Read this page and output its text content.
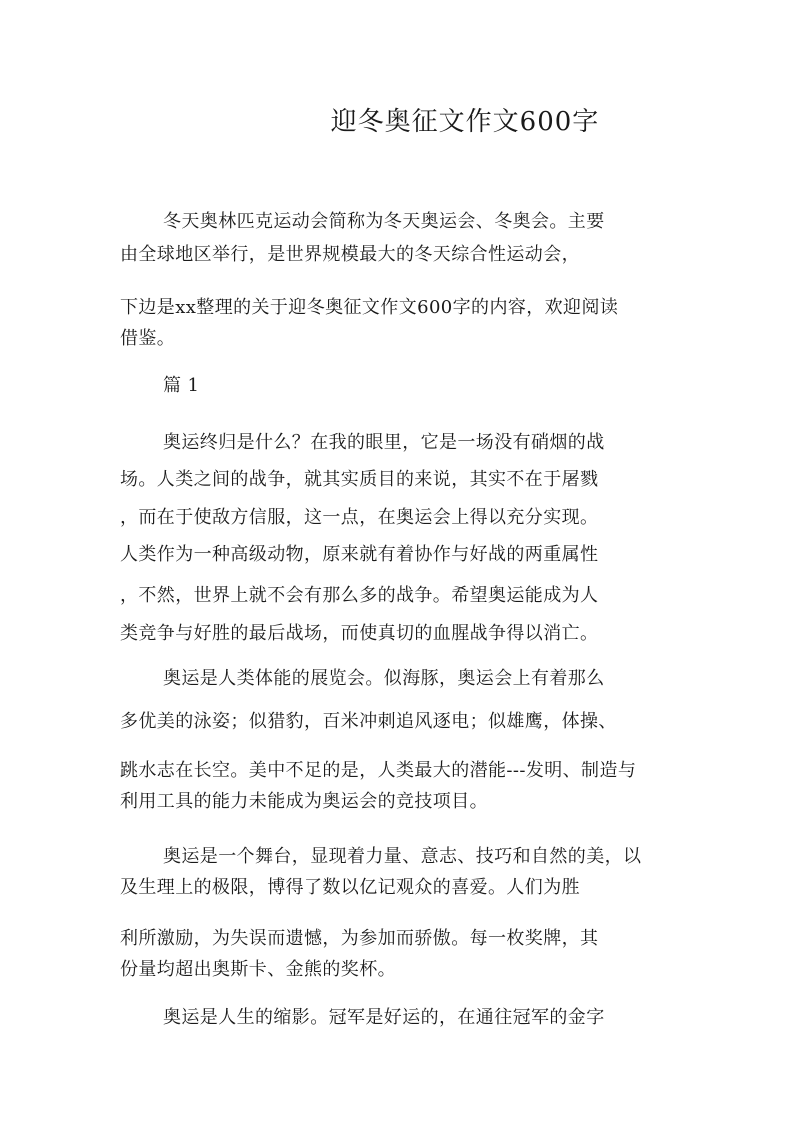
迎冬奥征文作文600字
冬天奥林匹克运动会简称为冬天奥运会、冬奥会。主要
由全球地区举行，是世界规模最大的冬天综合性运动会，
下边是xx整理的关于迎冬奥征文作文600字的内容，欢迎阅读
借鉴。
篇 1
奥运终归是什么？在我的眼里，它是一场没有硝烟的战
场。人类之间的战争，就其实质目的来说，其实不在于屠戮
，而在于使敌方信服，这一点，在奥运会上得以充分实现。
人类作为一种高级动物，原来就有着协作与好战的两重属性
，不然，世界上就不会有那么多的战争。希望奥运能成为人
类竞争与好胜的最后战场，而使真切的血腥战争得以消亡。
奥运是人类体能的展览会。似海豚，奥运会上有着那么
多优美的泳姿；似猎豹，百米冲刺追风逐电；似雄鹰，体操、
跳水志在长空。美中不足的是，人类最大的潜能---发明、制造与
利用工具的能力未能成为奥运会的竞技项目。
奥运是一个舞台，显现着力量、意志、技巧和自然的美，以
及生理上的极限，博得了数以亿记观众的喜爱。人们为胜
利所激励，为失误而遗憾，为参加而骄傲。每一枚奖牌，其
份量均超出奥斯卡、金熊的奖杯。
奥运是人生的缩影。冠军是好运的，在通往冠军的金字
